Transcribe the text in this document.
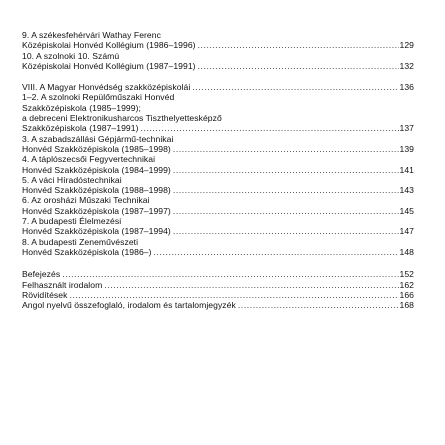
9. A székesfehérvári Wathay Ferenc
Középiskolai Honvéd Kollégium (1986–1996) .....	129
10. A szolnoki 10. Számú
Középiskolai Honvéd Kollégium (1987–1991) .....	132
VIII. A Magyar Honvédség szakközépiskolái .....	136
1–2. A szolnoki Repülőműszaki Honvéd
Szakközépiskola (1985–1999);
a debreceni Elektronikusharcos Tiszthelyettesképző
Szakközépiskola (1987–1991) .....	137
3. A szabadszállási Gépjármű-technikai
Honvéd Szakközépiskola (1985–1998) .....	139
4. A táplószecsői Fegyvertechnikai
Honvéd Szakközépiskola (1984–1999) .....	141
5. A váci Híradóstechnikai
Honvéd Szakközépiskola (1988–1998) .....	143
6. Az orosházi Műszaki Technikai
Honvéd Szakközépiskola (1987–1997) .....	145
7. A budapesti Élelmezési
Honvéd Szakközépiskola (1987–1994) .....	147
8. A budapesti Zeneművészeti
Honvéd Szakközépiskola (1986–) .....	148
Befejezés .....	152
Felhasznált irodalom .....	162
Rövidítések .....	166
Angol nyelvű összefoglaló, irodalom és tartalomjegyzék .....	168
